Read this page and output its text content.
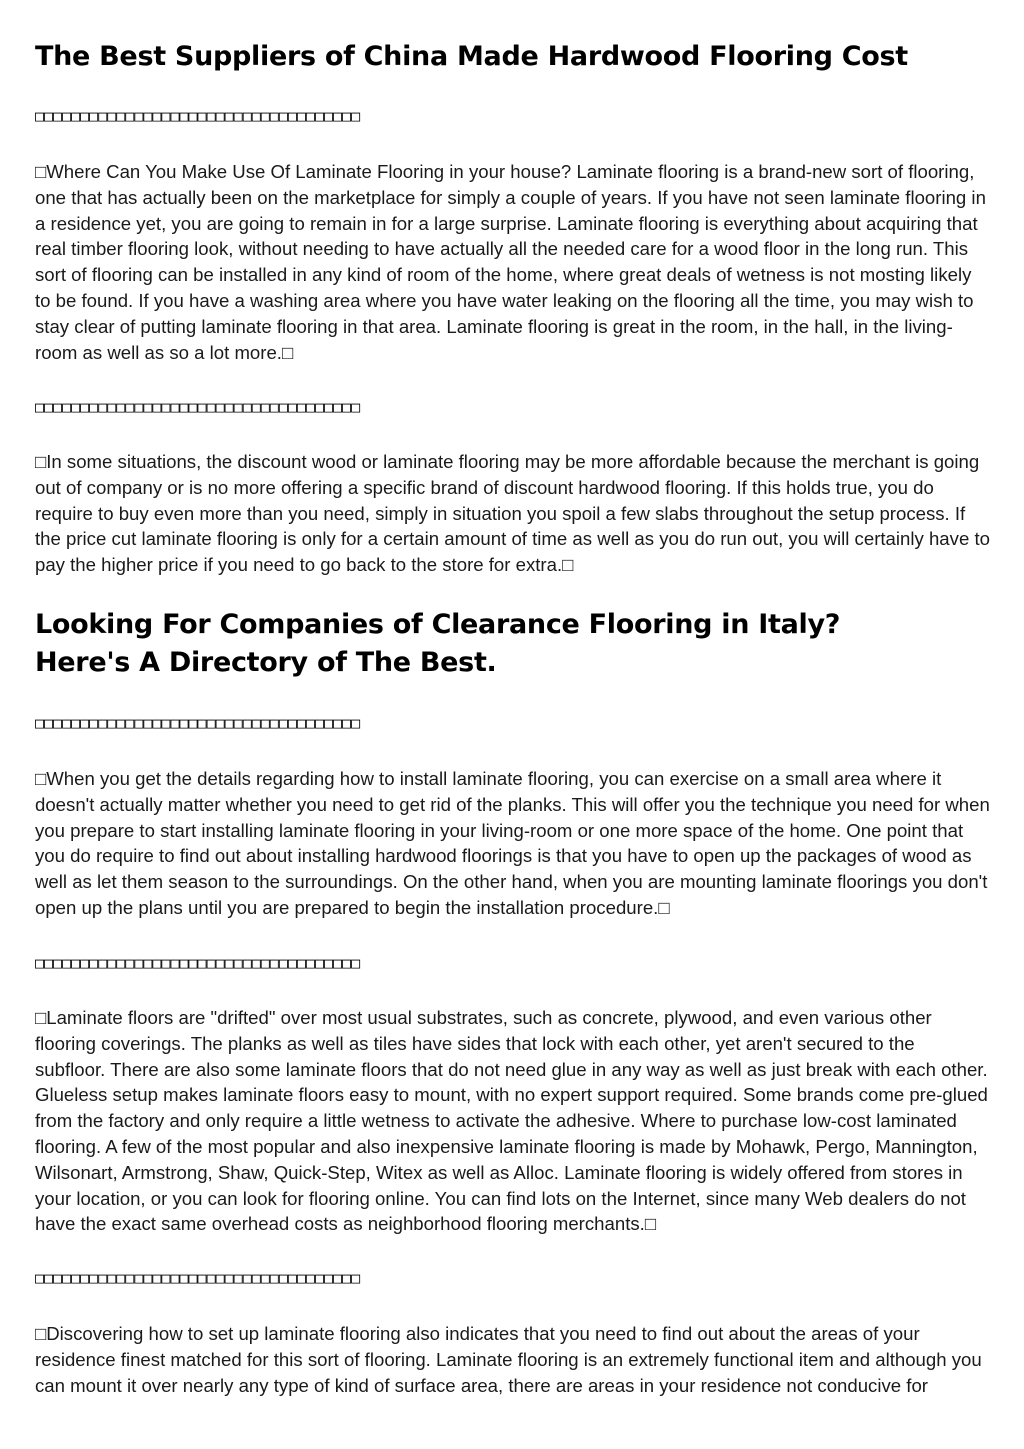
The Best Suppliers of China Made Hardwood Flooring Cost
□□□□□□□□□□□□□□□□□□□□□□□□□□□□□□□□□□□□

□Where Can You Make Use Of Laminate Flooring in your house? Laminate flooring is a brand-new sort of flooring, one that has actually been on the marketplace for simply a couple of years. If you have not seen laminate flooring in a residence yet, you are going to remain in for a large surprise. Laminate flooring is everything about acquiring that real timber flooring look, without needing to have actually all the needed care for a wood floor in the long run. This sort of flooring can be installed in any kind of room of the home, where great deals of wetness is not mosting likely to be found. If you have a washing area where you have water leaking on the flooring all the time, you may wish to stay clear of putting laminate flooring in that area. Laminate flooring is great in the room, in the hall, in the living-room as well as so a lot more.□

□□□□□□□□□□□□□□□□□□□□□□□□□□□□□□□□□□□□

□In some situations, the discount wood or laminate flooring may be more affordable because the merchant is going out of company or is no more offering a specific brand of discount hardwood flooring. If this holds true, you do require to buy even more than you need, simply in situation you spoil a few slabs throughout the setup process. If the price cut laminate flooring is only for a certain amount of time as well as you do run out, you will certainly have to pay the higher price if you need to go back to the store for extra.□

Looking For Companies of Clearance Flooring in Italy? Here's A Directory of The Best.
□□□□□□□□□□□□□□□□□□□□□□□□□□□□□□□□□□□□

□When you get the details regarding how to install laminate flooring, you can exercise on a small area where it doesn't actually matter whether you need to get rid of the planks. This will offer you the technique you need for when you prepare to start installing laminate flooring in your living-room or one more space of the home. One point that you do require to find out about installing hardwood floorings is that you have to open up the packages of wood as well as let them season to the surroundings. On the other hand, when you are mounting laminate floorings you don't open up the plans until you are prepared to begin the installation procedure.□

□□□□□□□□□□□□□□□□□□□□□□□□□□□□□□□□□□□□

□Laminate floors are "drifted" over most usual substrates, such as concrete, plywood, and even various other flooring coverings. The planks as well as tiles have sides that lock with each other, yet aren't secured to the subfloor. There are also some laminate floors that do not need glue in any way as well as just break with each other. Glueless setup makes laminate floors easy to mount, with no expert support required. Some brands come pre-glued from the factory and only require a little wetness to activate the adhesive. Where to purchase low-cost laminated flooring. A few of the most popular and also inexpensive laminate flooring is made by Mohawk, Pergo, Mannington, Wilsonart, Armstrong, Shaw, Quick-Step, Witex as well as Alloc. Laminate flooring is widely offered from stores in your location, or you can look for flooring online. You can find lots on the Internet, since many Web dealers do not have the exact same overhead costs as neighborhood flooring merchants.□

□□□□□□□□□□□□□□□□□□□□□□□□□□□□□□□□□□□□

□Discovering how to set up laminate flooring also indicates that you need to find out about the areas of your residence finest matched for this sort of flooring. Laminate flooring is an extremely functional item and although you can mount it over nearly any type of kind of surface area, there are areas in your residence not conducive for
